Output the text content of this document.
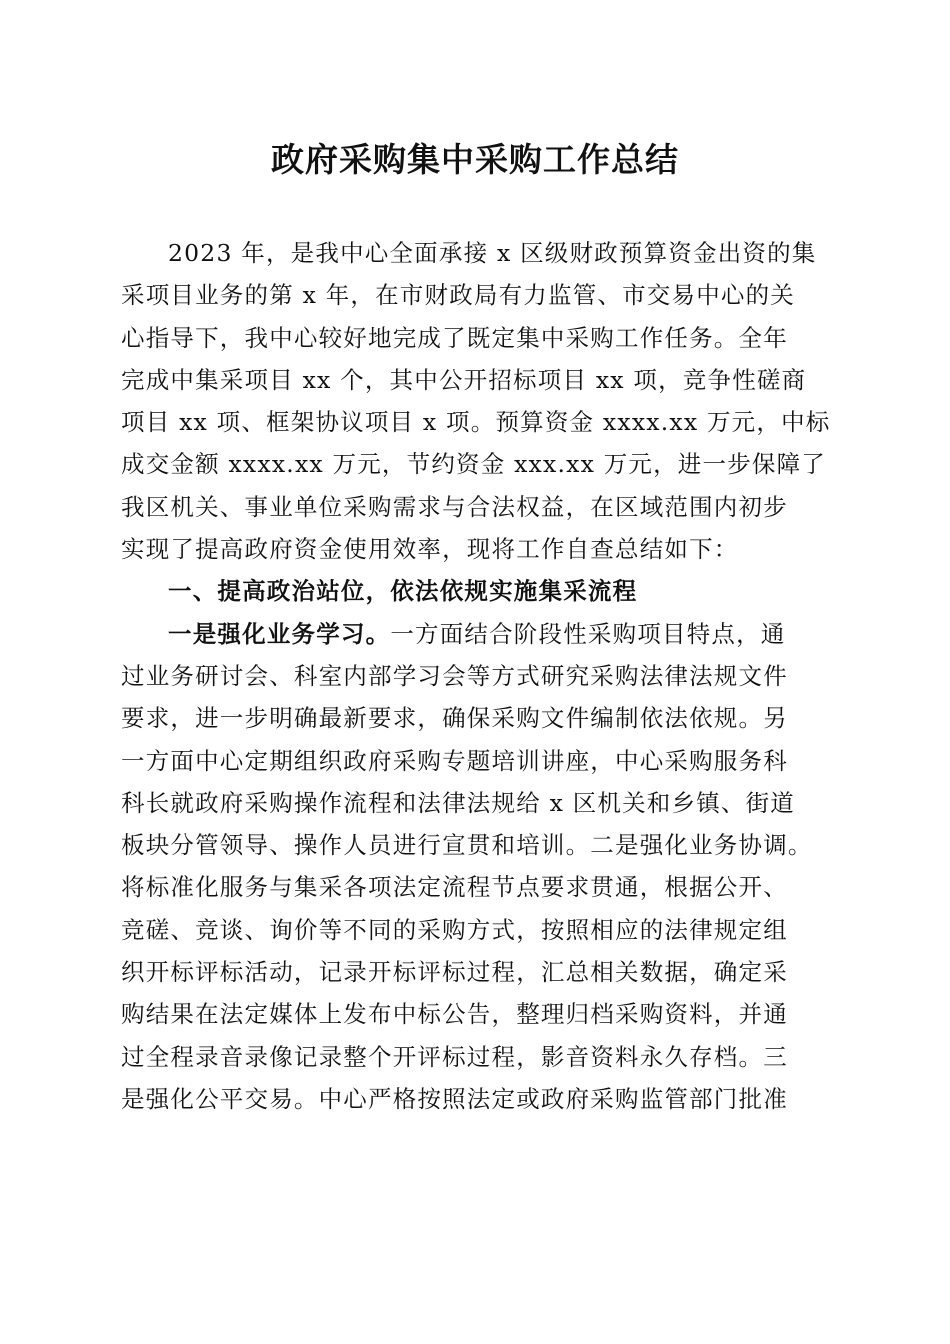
政府采购集中采购工作总结
2023 年，是我中心全面承接 x 区级财政预算资金出资的集
采项目业务的第 x 年，在市财政局有力监管、市交易中心的关
心指导下，我中心较好地完成了既定集中采购工作任务。全年
完成中集采项目 xx 个，其中公开招标项目 xx 项，竞争性磋商
项目 xx 项、框架协议项目 x 项。预算资金 xxxx.xx 万元，中标
成交金额 xxxx.xx 万元，节约资金 xxx.xx 万元，进一步保障了
我区机关、事业单位采购需求与合法权益，在区域范围内初步
实现了提高政府资金使用效率，现将工作自查总结如下：
一、提高政治站位，依法依规实施集采流程
一是强化业务学习。一方面结合阶段性采购项目特点，通
过业务研讨会、科室内部学习会等方式研究采购法律法规文件
要求，进一步明确最新要求，确保采购文件编制依法依规。另
一方面中心定期组织政府采购专题培训讲座，中心采购服务科
科长就政府采购操作流程和法律法规给 x 区机关和乡镇、街道
板块分管领导、操作人员进行宣贯和培训。二是强化业务协调。
将标准化服务与集采各项法定流程节点要求贯通，根据公开、
竞磋、竞谈、询价等不同的采购方式，按照相应的法律规定组
织开标评标活动，记录开标评标过程，汇总相关数据，确定采
购结果在法定媒体上发布中标公告，整理归档采购资料，并通
过全程录音录像记录整个开评标过程，影音资料永久存档。三
是强化公平交易。中心严格按照法定或政府采购监管部门批准
